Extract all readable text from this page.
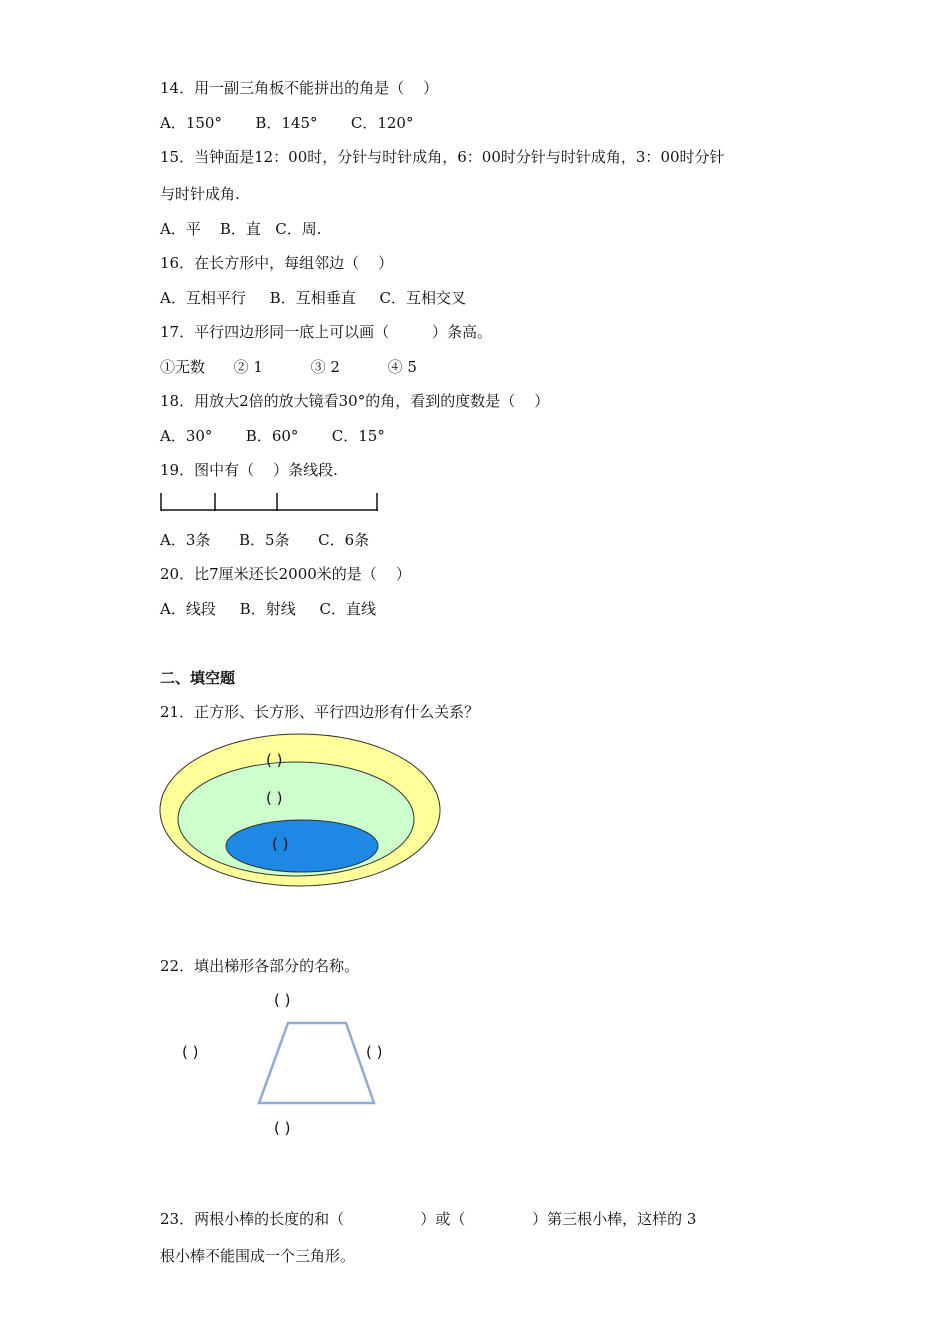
14．用一副三角板不能拼出的角是（    ）
A．150°       B．145°       C．120°
15．当钟面是12：00时，分针与时针成角，6：00时分针与时针成角，3：00时分针
与时针成角.
A．平    B．直   C．周.
16．在长方形中，每组邻边（    ）
A．互相平行     B．互相垂直     C．互相交叉
17．平行四边形同一底上可以画（         ）条高。
①无数      ② 1          ③ 2          ④ 5
18．用放大2倍的放大镜看30°的角，看到的度数是（    ）
A．30°       B．60°       C．15°
19．图中有（    ）条线段.
A．3条      B．5条      C．6条
20．比7厘米还长2000米的是（    ）
A．线段     B．射线     C．直线
二、填空题
21．正方形、长方形、平行四边形有什么关系？
( )
( )
( )
22．填出梯形各部分的名称。
( )
( )	( )
( )
23．两根小棒的长度的和（                ）或（              ）第三根小棒，这样的 3
根小棒不能围成一个三角形。
